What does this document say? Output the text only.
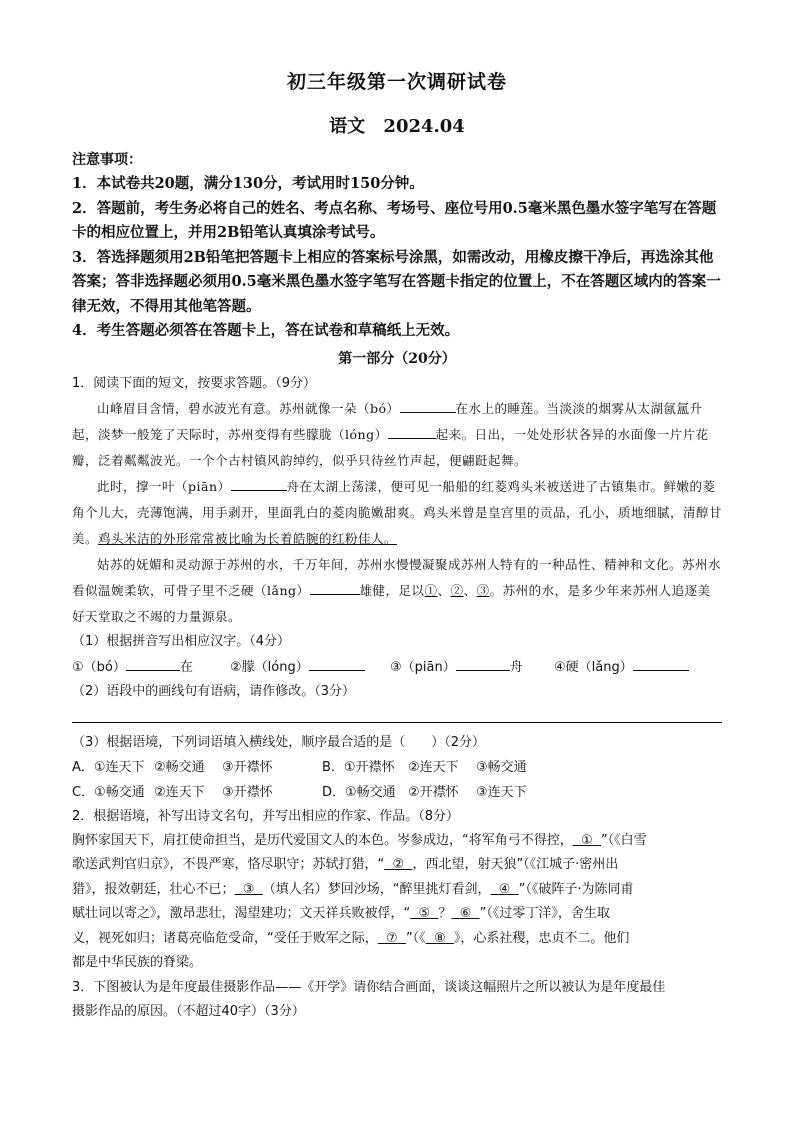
初三年级第一次调研试卷
语文 2024.04
注意事项：

1．本试卷共20题，满分130分，考试用时150分钟。

2．答题前，考生务必将自己的姓名、考点名称、考场号、座位号用0.5毫米黑色墨水签字笔写在答题卡的相应位置上，并用2B铅笔认真填涂考试号。

3．答选择题须用2B铅笔把答题卡上相应的答案标号涂黑，如需改动，用橡皮擦干净后，再选涂其他答案；答非选择题必须用0.5毫米黑色墨水签字笔写在答题卡指定的位置上，不在答题区域内的答案一律无效，不得用其他笔答题。

4．考生答题必须答在答题卡上，答在试卷和草稿纸上无效。

第一部分（20分）

1．阅读下面的短文，按要求答题。（9分）

山峰眉目含情，碧水波光有意。苏州就像一朵（bó）	在水上的睡莲。当淡淡的烟雾从太湖氤氲升起，淡梦一般笼了天际时，苏州变得有些朦胧（lóng）	起来。日出，一处处形状各异的水面像一片片花瓣，泛着粼粼波光。一个个古村镇风韵绰约，似乎只待丝竹声起，便翩跹起舞。

此时，撑一叶（piān）	舟在太湖上荡漾，便可见一船船的红菱鸡头米被送进了古镇集市。鲜嫩的菱角个儿大，壳薄饱满，用手剥开，里面乳白的菱肉脆嫩甜爽。鸡头米曾是皇宫里的贡品，孔小，质地细腻，清醇甘美。鸡头米洁的外形常常被比喻为长着皓腕的红粉佳人。

姑苏的妩媚和灵动源于苏州的水，千万年间，苏州水慢慢凝聚成苏州人特有的一种品性、精神和文化。苏州水看似温婉柔软，可骨子里不乏硬（lǎng）	雄健，足以①、②、③。苏州的水，是多少年来苏州人追逐美好天堂取之不竭的力量源泉。

（1）根据拼音写出相应汉字。（4分）

①（bó）	在	②朦（lóng）	③（piān）	舟	④硬（lǎng）

（2）语段中的画线句有语病，请作修改。（3分）

（3）根据语境，下列词语填入横线处，顺序最合适的是（　　）（2分）

A．①连天下 ②畅交通	③开襟怀	B．①开襟怀	②连天下	③畅交通
C．①畅交通 ②连天下	③开襟怀	D．①畅交通 ②开襟怀	③连天下

2．根据语境，补写出诗文名句，并写出相应的作家、作品。（8分）

胸怀家国天下，肩扛使命担当，是历代爱国文人的本色。岑参成边，“将军角弓不得控， ① ”（《白雪

歌送武判官归京》，不畏严寒，恪尽职守；苏轼打猎，“ ② ，西北望，射天狼”（《江城子·密州出

猎》，报效朝廷，壮心不已； ③ （填人名）梦回沙场，“醉里挑灯看剑， ④ ”（《破阵子·为陈同甫

赋壮词以寄之》，激昂悲壮，渴望建功；文天祥兵败被俘，“ ⑤ ？ ⑥ ”（《过零丁洋》，舍生取

义，视死如归；诸葛亮临危受命，“受任于败军之际， ⑦ ”（《 ⑧ 》，心系社稷，忠贞不二。他们

都是中华民族的脊梁。

3．下图被认为是年度最佳摄影作品——《开学》请你结合画面，谈谈这幅照片之所以被认为是年度最佳

摄影作品的原因。（不超过40字）（3分）
